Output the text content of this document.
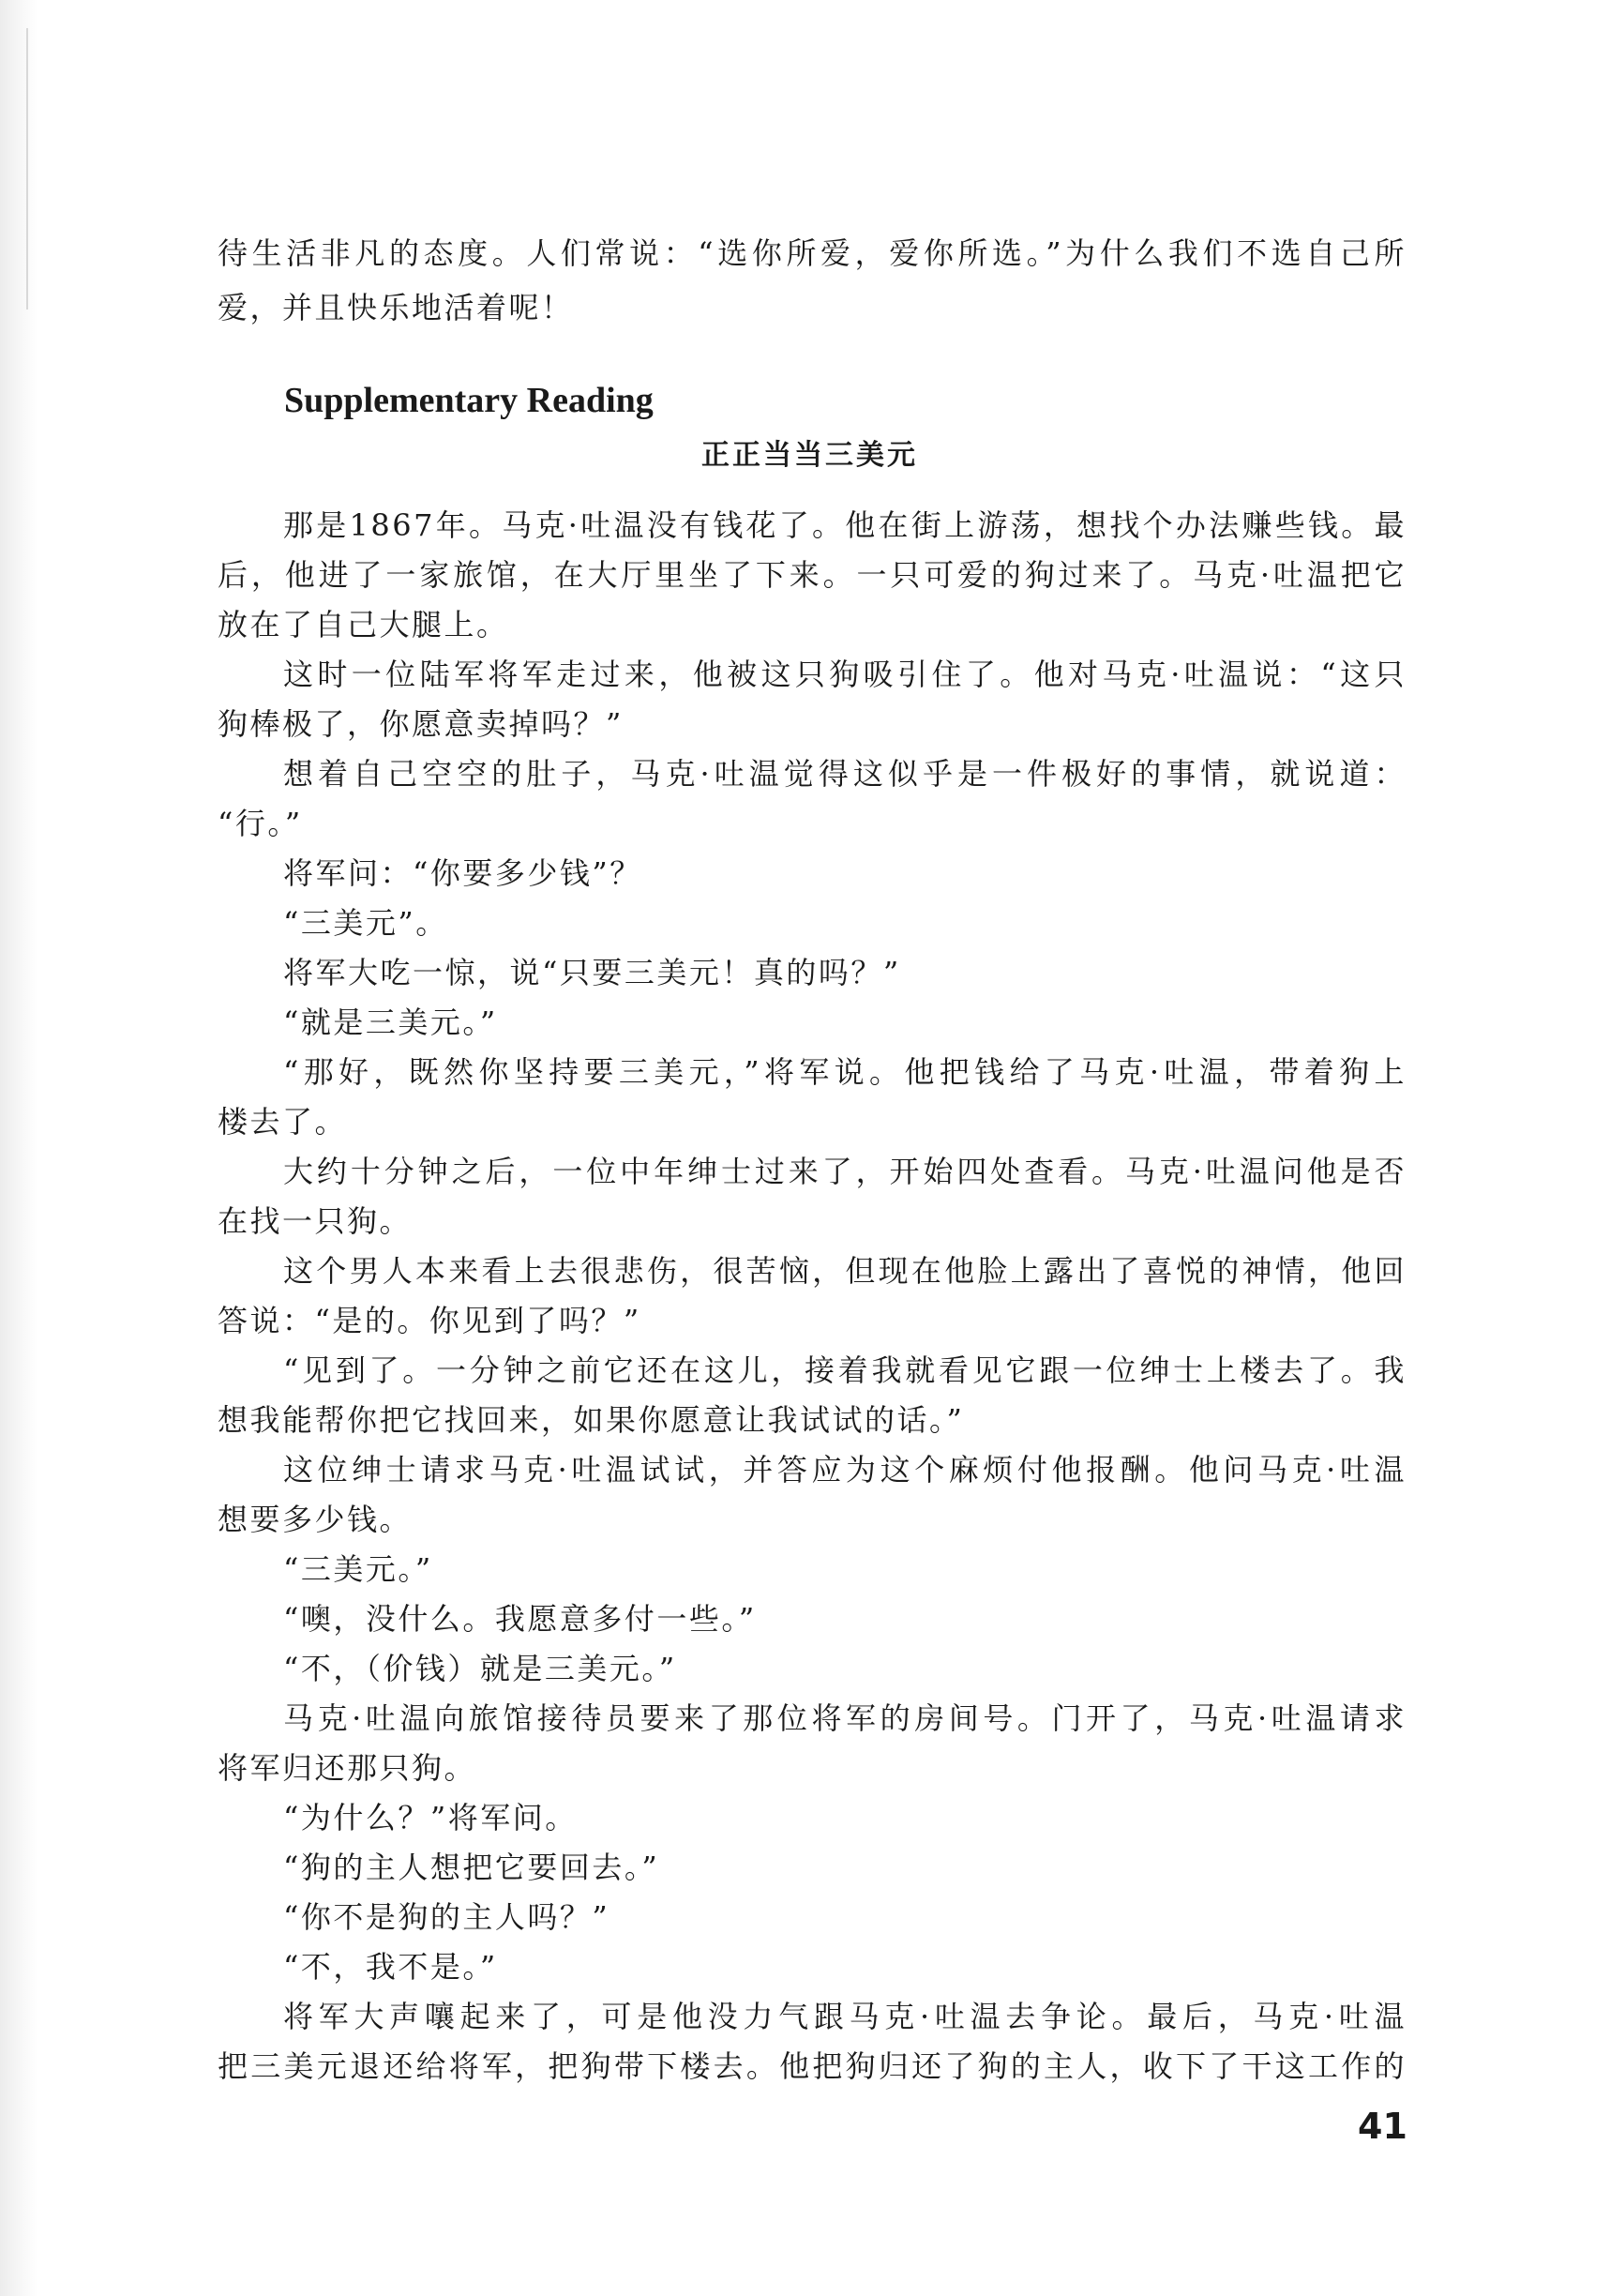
待生活非凡的态度。人们常说：“选你所爱，爱你所选。”为什么我们不选自己所
爱，并且快乐地活着呢！
Supplementary Reading
正正当当三美元
那是1867年。马克·吐温没有钱花了。他在街上游荡，想找个办法赚些钱。最
后，他进了一家旅馆，在大厅里坐了下来。一只可爱的狗过来了。马克·吐温把它
放在了自己大腿上。
这时一位陆军将军走过来，他被这只狗吸引住了。他对马克·吐温说：“这只
狗棒极了，你愿意卖掉吗？”
想着自己空空的肚子，马克·吐温觉得这似乎是一件极好的事情，就说道：
“行。”
将军问：“你要多少钱”？
“三美元”。
将军大吃一惊，说“只要三美元！真的吗？”
“就是三美元。”
“那好，既然你坚持要三美元，”将军说。他把钱给了马克·吐温，带着狗上
楼去了。
大约十分钟之后，一位中年绅士过来了，开始四处查看。马克·吐温问他是否
在找一只狗。
这个男人本来看上去很悲伤，很苦恼，但现在他脸上露出了喜悦的神情，他回
答说：“是的。你见到了吗？”
“见到了。一分钟之前它还在这儿，接着我就看见它跟一位绅士上楼去了。我
想我能帮你把它找回来，如果你愿意让我试试的话。”
这位绅士请求马克·吐温试试，并答应为这个麻烦付他报酬。他问马克·吐温
想要多少钱。
“三美元。”
“噢，没什么。我愿意多付一些。”
“不，（价钱）就是三美元。”
马克·吐温向旅馆接待员要来了那位将军的房间号。门开了，马克·吐温请求
将军归还那只狗。
“为什么？”将军问。
“狗的主人想把它要回去。”
“你不是狗的主人吗？”
“不，我不是。”
将军大声嚷起来了，可是他没力气跟马克·吐温去争论。最后，马克·吐温
把三美元退还给将军，把狗带下楼去。他把狗归还了狗的主人，收下了干这工作的
41
